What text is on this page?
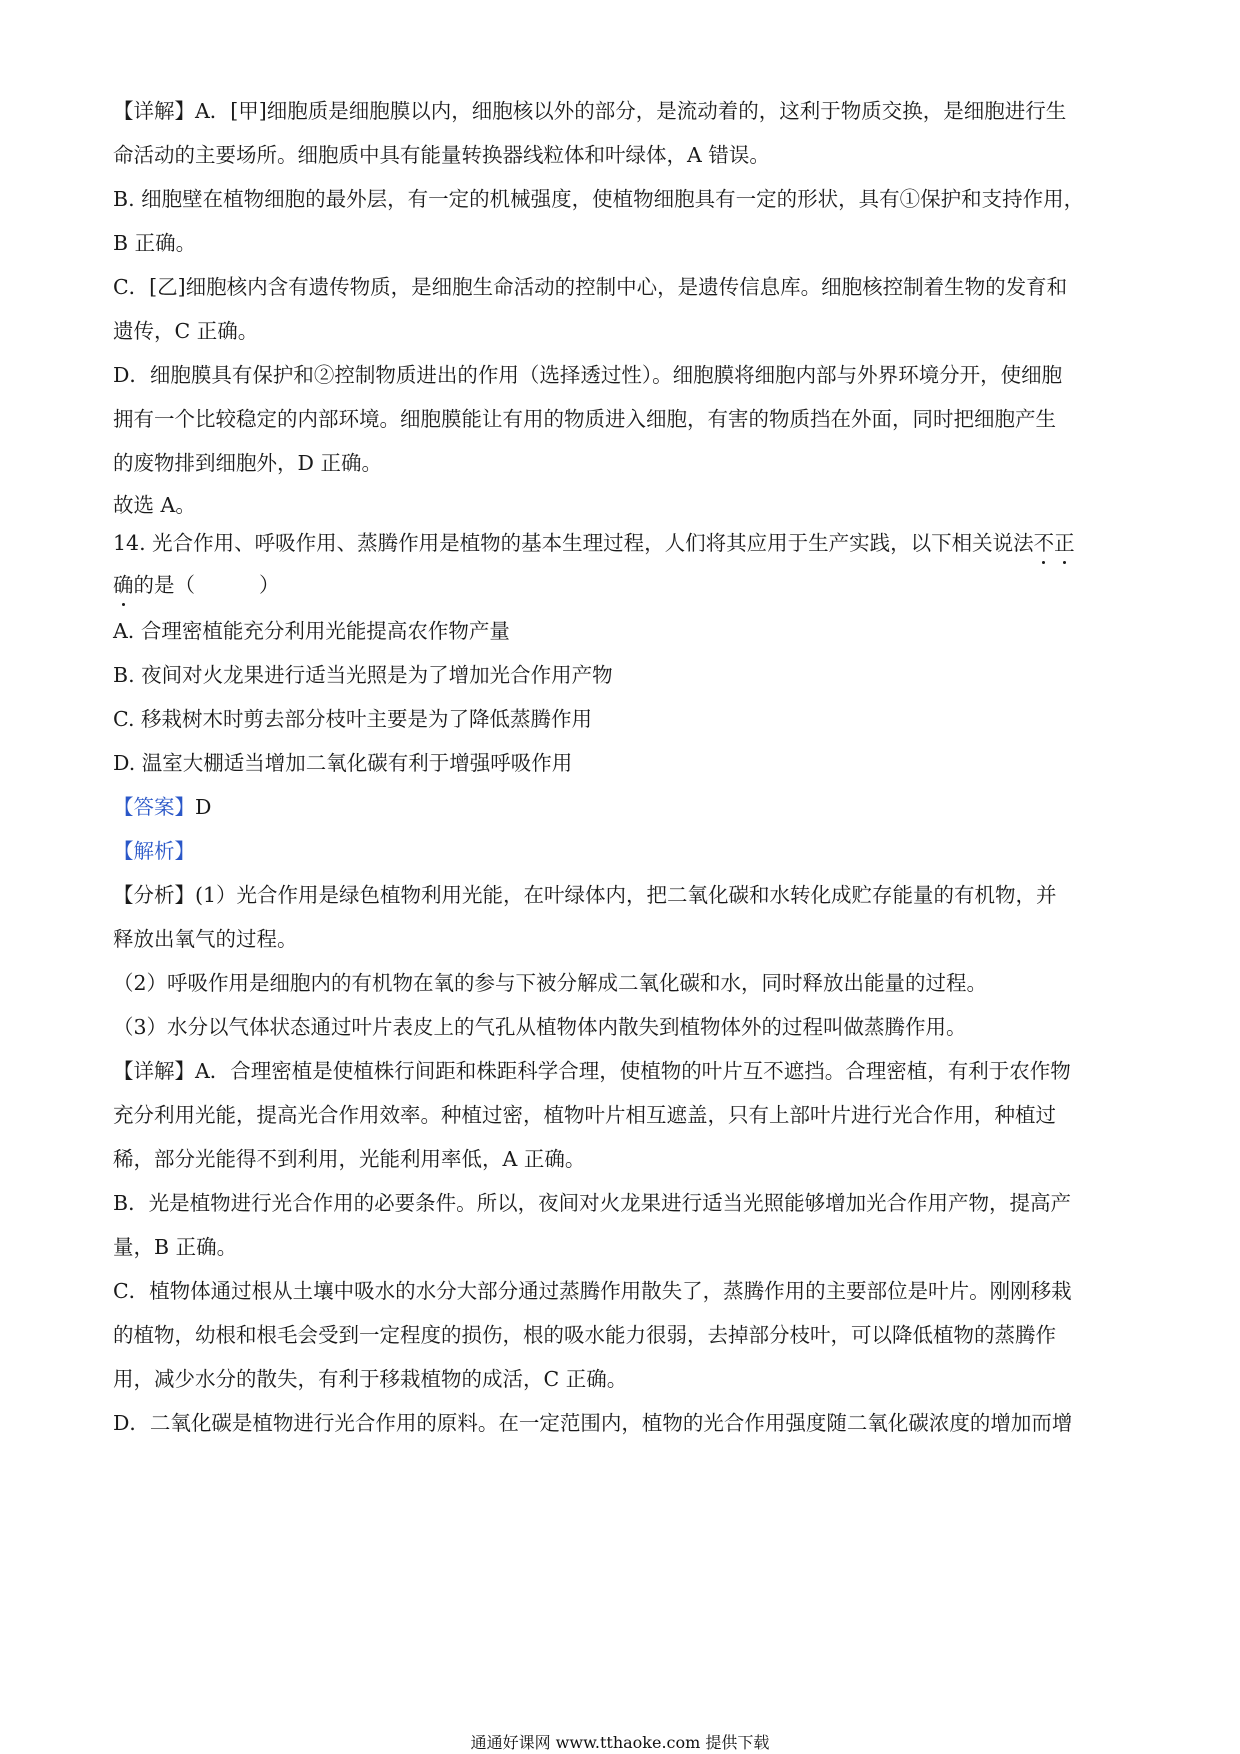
【详解】A．[甲]细胞质是细胞膜以内，细胞核以外的部分，是流动着的，这利于物质交换，是细胞进行生

命活动的主要场所。细胞质中具有能量转换器线粒体和叶绿体，A 错误。

B. 细胞壁在植物细胞的最外层，有一定的机械强度，使植物细胞具有一定的形状，具有①保护和支持作用，

B 正确。

C．[乙]细胞核内含有遗传物质，是细胞生命活动的控制中心，是遗传信息库。细胞核控制着生物的发育和

遗传，C 正确。

D．细胞膜具有保护和②控制物质进出的作用（选择透过性）。细胞膜将细胞内部与外界环境分开，使细胞

拥有一个比较稳定的内部环境。细胞膜能让有用的物质进入细胞，有害的物质挡在外面，同时把细胞产生

的废物排到细胞外，D 正确。

故选 A。

14. 光合作用、呼吸作用、蒸腾作用是植物的基本生理过程，人们将其应用于生产实践，以下相关说法不正

确的是（	）

A. 合理密植能充分利用光能提高农作物产量

B. 夜间对火龙果进行适当光照是为了增加光合作用产物

C. 移栽树木时剪去部分枝叶主要是为了降低蒸腾作用

D. 温室大棚适当增加二氧化碳有利于增强呼吸作用

【答案】D

【解析】

【分析】(1）光合作用是绿色植物利用光能，在叶绿体内，把二氧化碳和水转化成贮存能量的有机物，并

释放出氧气的过程。

（2）呼吸作用是细胞内的有机物在氧的参与下被分解成二氧化碳和水，同时释放出能量的过程。

（3）水分以气体状态通过叶片表皮上的气孔从植物体内散失到植物体外的过程叫做蒸腾作用。

【详解】A．合理密植是使植株行间距和株距科学合理，使植物的叶片互不遮挡。合理密植，有利于农作物

充分利用光能，提高光合作用效率。种植过密，植物叶片相互遮盖，只有上部叶片进行光合作用，种植过

稀，部分光能得不到利用，光能利用率低，A 正确。

B．光是植物进行光合作用的必要条件。所以，夜间对火龙果进行适当光照能够增加光合作用产物，提高产

量，B 正确。

C．植物体通过根从土壤中吸水的水分大部分通过蒸腾作用散失了，蒸腾作用的主要部位是叶片。刚刚移栽

的植物，幼根和根毛会受到一定程度的损伤，根的吸水能力很弱，去掉部分枝叶，可以降低植物的蒸腾作

用，减少水分的散失，有利于移栽植物的成活，C 正确。

D．二氧化碳是植物进行光合作用的原料。在一定范围内，植物的光合作用强度随二氧化碳浓度的增加而增

通通好课网 www.tthaoke.com 提供下载
